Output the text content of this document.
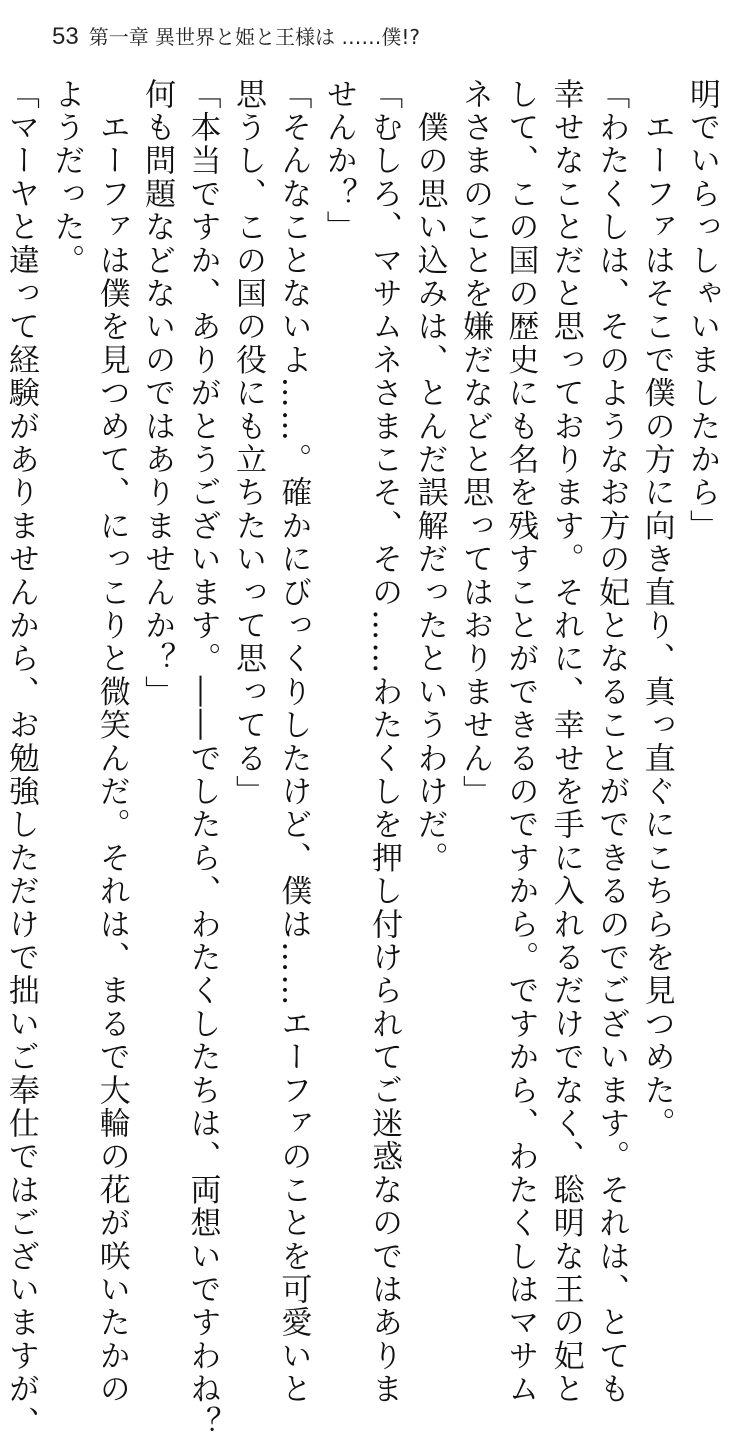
53 第一章 異世界と姫と王様は ……僕!?

明でいらっしゃいましたから」

　エーファはそこで僕の方に向き直り、真っ直ぐにこちらを見つめた。

「わたくしは、そのようなお方の妃となることができるのでございます。それは、とても

幸せなことだと思っております。それに、幸せを手に入れるだけでなく、聡明な王の妃と

して、この国の歴史にも名を残すことができるのですから。ですから、わたくしはマサム

ネさまのことを嫌だなどと思ってはおりません」

　僕の思い込みは、とんだ誤解だったというわけだ。

「むしろ、マサムネさまこそ、その……わたくしを押し付けられてご迷惑なのではありま

せんか？」

「そんなことないよ……。確かにびっくりしたけど、僕は……エーファのことを可愛いと

思うし、この国の役にも立ちたいって思ってる」

「本当ですか、ありがとうございます。――でしたら、わたくしたちは、両想いですわね？

何も問題などないのではありませんか？」

　エーファは僕を見つめて、にっこりと微笑んだ。それは、まるで大輪の花が咲いたかの

ようだった。

「マーヤと違って経験がありませんから、お勉強しただけで拙いご奉仕ではございますが、
